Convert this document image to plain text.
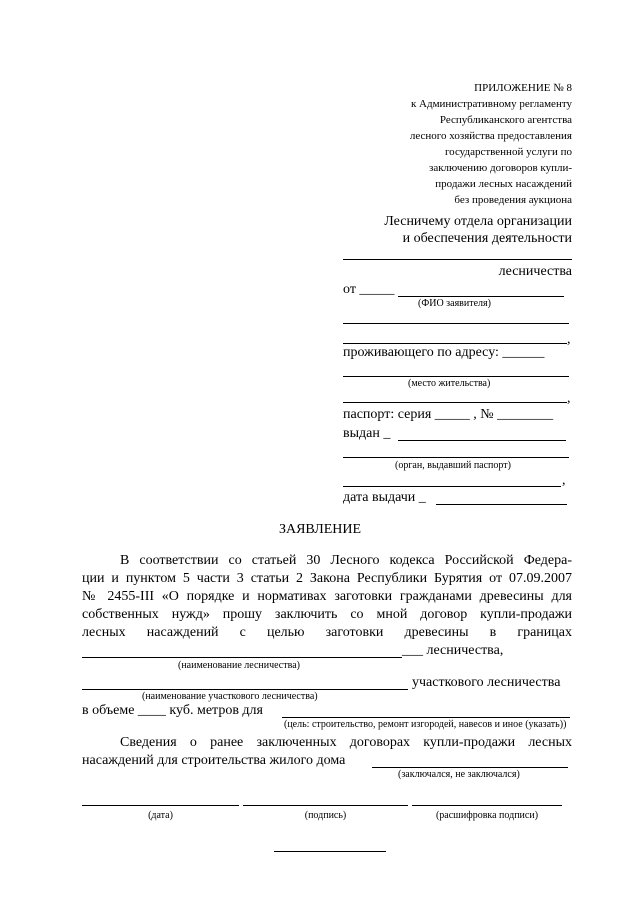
ПРИЛОЖЕНИЕ № 8
к Административному регламенту
Республиканского агентства
лесного хозяйства предоставления
государственной услуги по
заключению договоров купли-
продажи лесных насаждений
без проведения аукциона
Лесничему отдела организации
и обеспечения деятельности
лесничества
от _____
(ФИО заявителя)
,
проживающего по адресу: ______
(место жительства)
,
паспорт: серия _____ , № ________
выдан _
(орган, выдавший паспорт)
,
дата выдачи _
ЗАЯВЛЕНИЕ
В соответствии со статьей 30 Лесного кодекса Российской Федера-
ции и пунктом 5 части 3 статьи 2 Закона Республики Бурятия от 07.09.2007
№ 2455-III «О порядке и нормативах заготовки гражданами древесины для
собственных нужд» прошу заключить со мной договор купли-продажи
лесных насаждений с целью заготовки древесины в границах
___ лесничества,
(наименование лесничества)
участкового лесничества
(наименование участкового лесничества)
в объеме ____ куб. метров для
(цель: строительство, ремонт изгородей, навесов и иное (указать))
Сведения о ранее заключенных договорах купли-продажи лесных
насаждений для строительства жилого дома
(заключался, не заключался)
(дата)	(подпись)	(расшифровка подписи)
